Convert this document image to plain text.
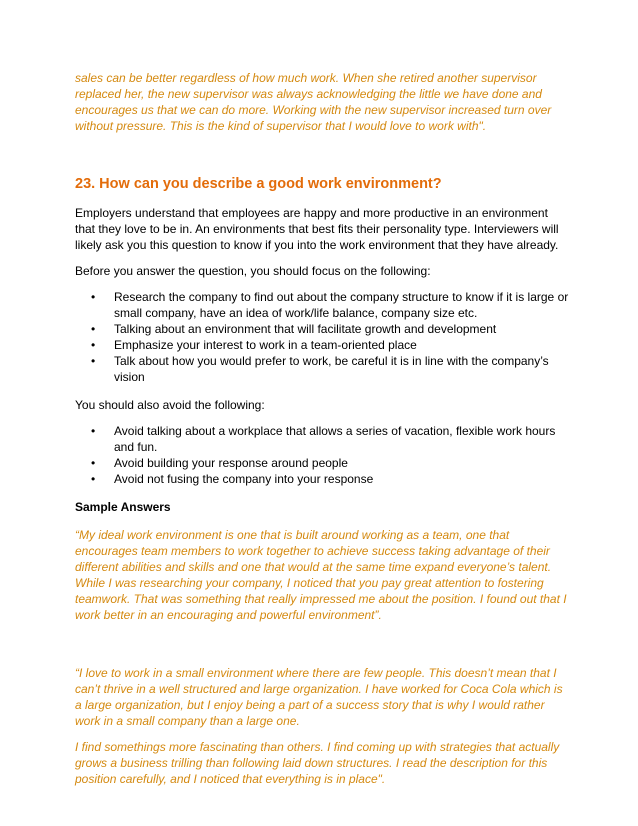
sales can be better regardless of how much work. When she retired another supervisor replaced her, the new supervisor was always acknowledging the little we have done and encourages us that we can do more. Working with the new supervisor increased turn over without pressure. This is the kind of supervisor that I would love to work with".

23. How can you describe a good work environment?

Employers understand that employees are happy and more productive in an environment that they love to be in. An environments that best fits their personality type. Interviewers will likely ask you this question to know if you into the work environment that they have already.

Before you answer the question, you should focus on the following:

• Research the company to find out about the company structure to know if it is large or small company, have an idea of work/life balance, company size etc.
• Talking about an environment that will facilitate growth and development
• Emphasize your interest to work in a team-oriented place
• Talk about how you would prefer to work, be careful it is in line with the company’s vision

You should also avoid the following:

• Avoid talking about a workplace that allows a series of vacation, flexible work hours and fun.
• Avoid building your response around people
• Avoid not fusing the company into your response

Sample Answers

“My ideal work environment is one that is built around working as a team, one that encourages team members to work together to achieve success taking advantage of their different abilities and skills and one that would at the same time expand everyone’s talent. While I was researching your company, I noticed that you pay great attention to fostering teamwork. That was something that really impressed me about the position. I found out that I work better in an encouraging and powerful environment”.

“I love to work in a small environment where there are few people. This doesn’t mean that I can’t thrive in a well structured and large organization. I have worked for Coca Cola which is a large organization, but I enjoy being a part of a success story that is why I would rather work in a small company than a large one.

I find somethings more fascinating than others. I find coming up with strategies that actually grows a business trilling than following laid down structures. I read the description for this position carefully, and I noticed that everything is in place".
